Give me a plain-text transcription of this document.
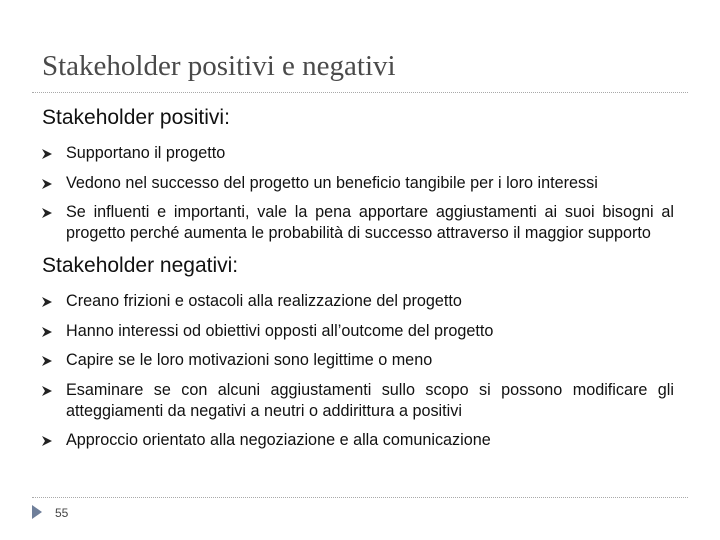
Stakeholder positivi e negativi
Stakeholder positivi:
Supportano il progetto
Vedono nel successo del progetto un beneficio tangibile per i loro interessi
Se influenti e importanti, vale la pena apportare aggiustamenti ai suoi bisogni al progetto perché aumenta le probabilità di successo attraverso il maggior supporto
Stakeholder negativi:
Creano frizioni e ostacoli alla realizzazione del progetto
Hanno interessi od obiettivi opposti all’outcome del progetto
Capire se le loro motivazioni sono legittime o meno
Esaminare se con alcuni aggiustamenti sullo scopo si possono modificare gli atteggiamenti da negativi a neutri o addirittura a positivi
Approccio orientato alla negoziazione e alla comunicazione
55
